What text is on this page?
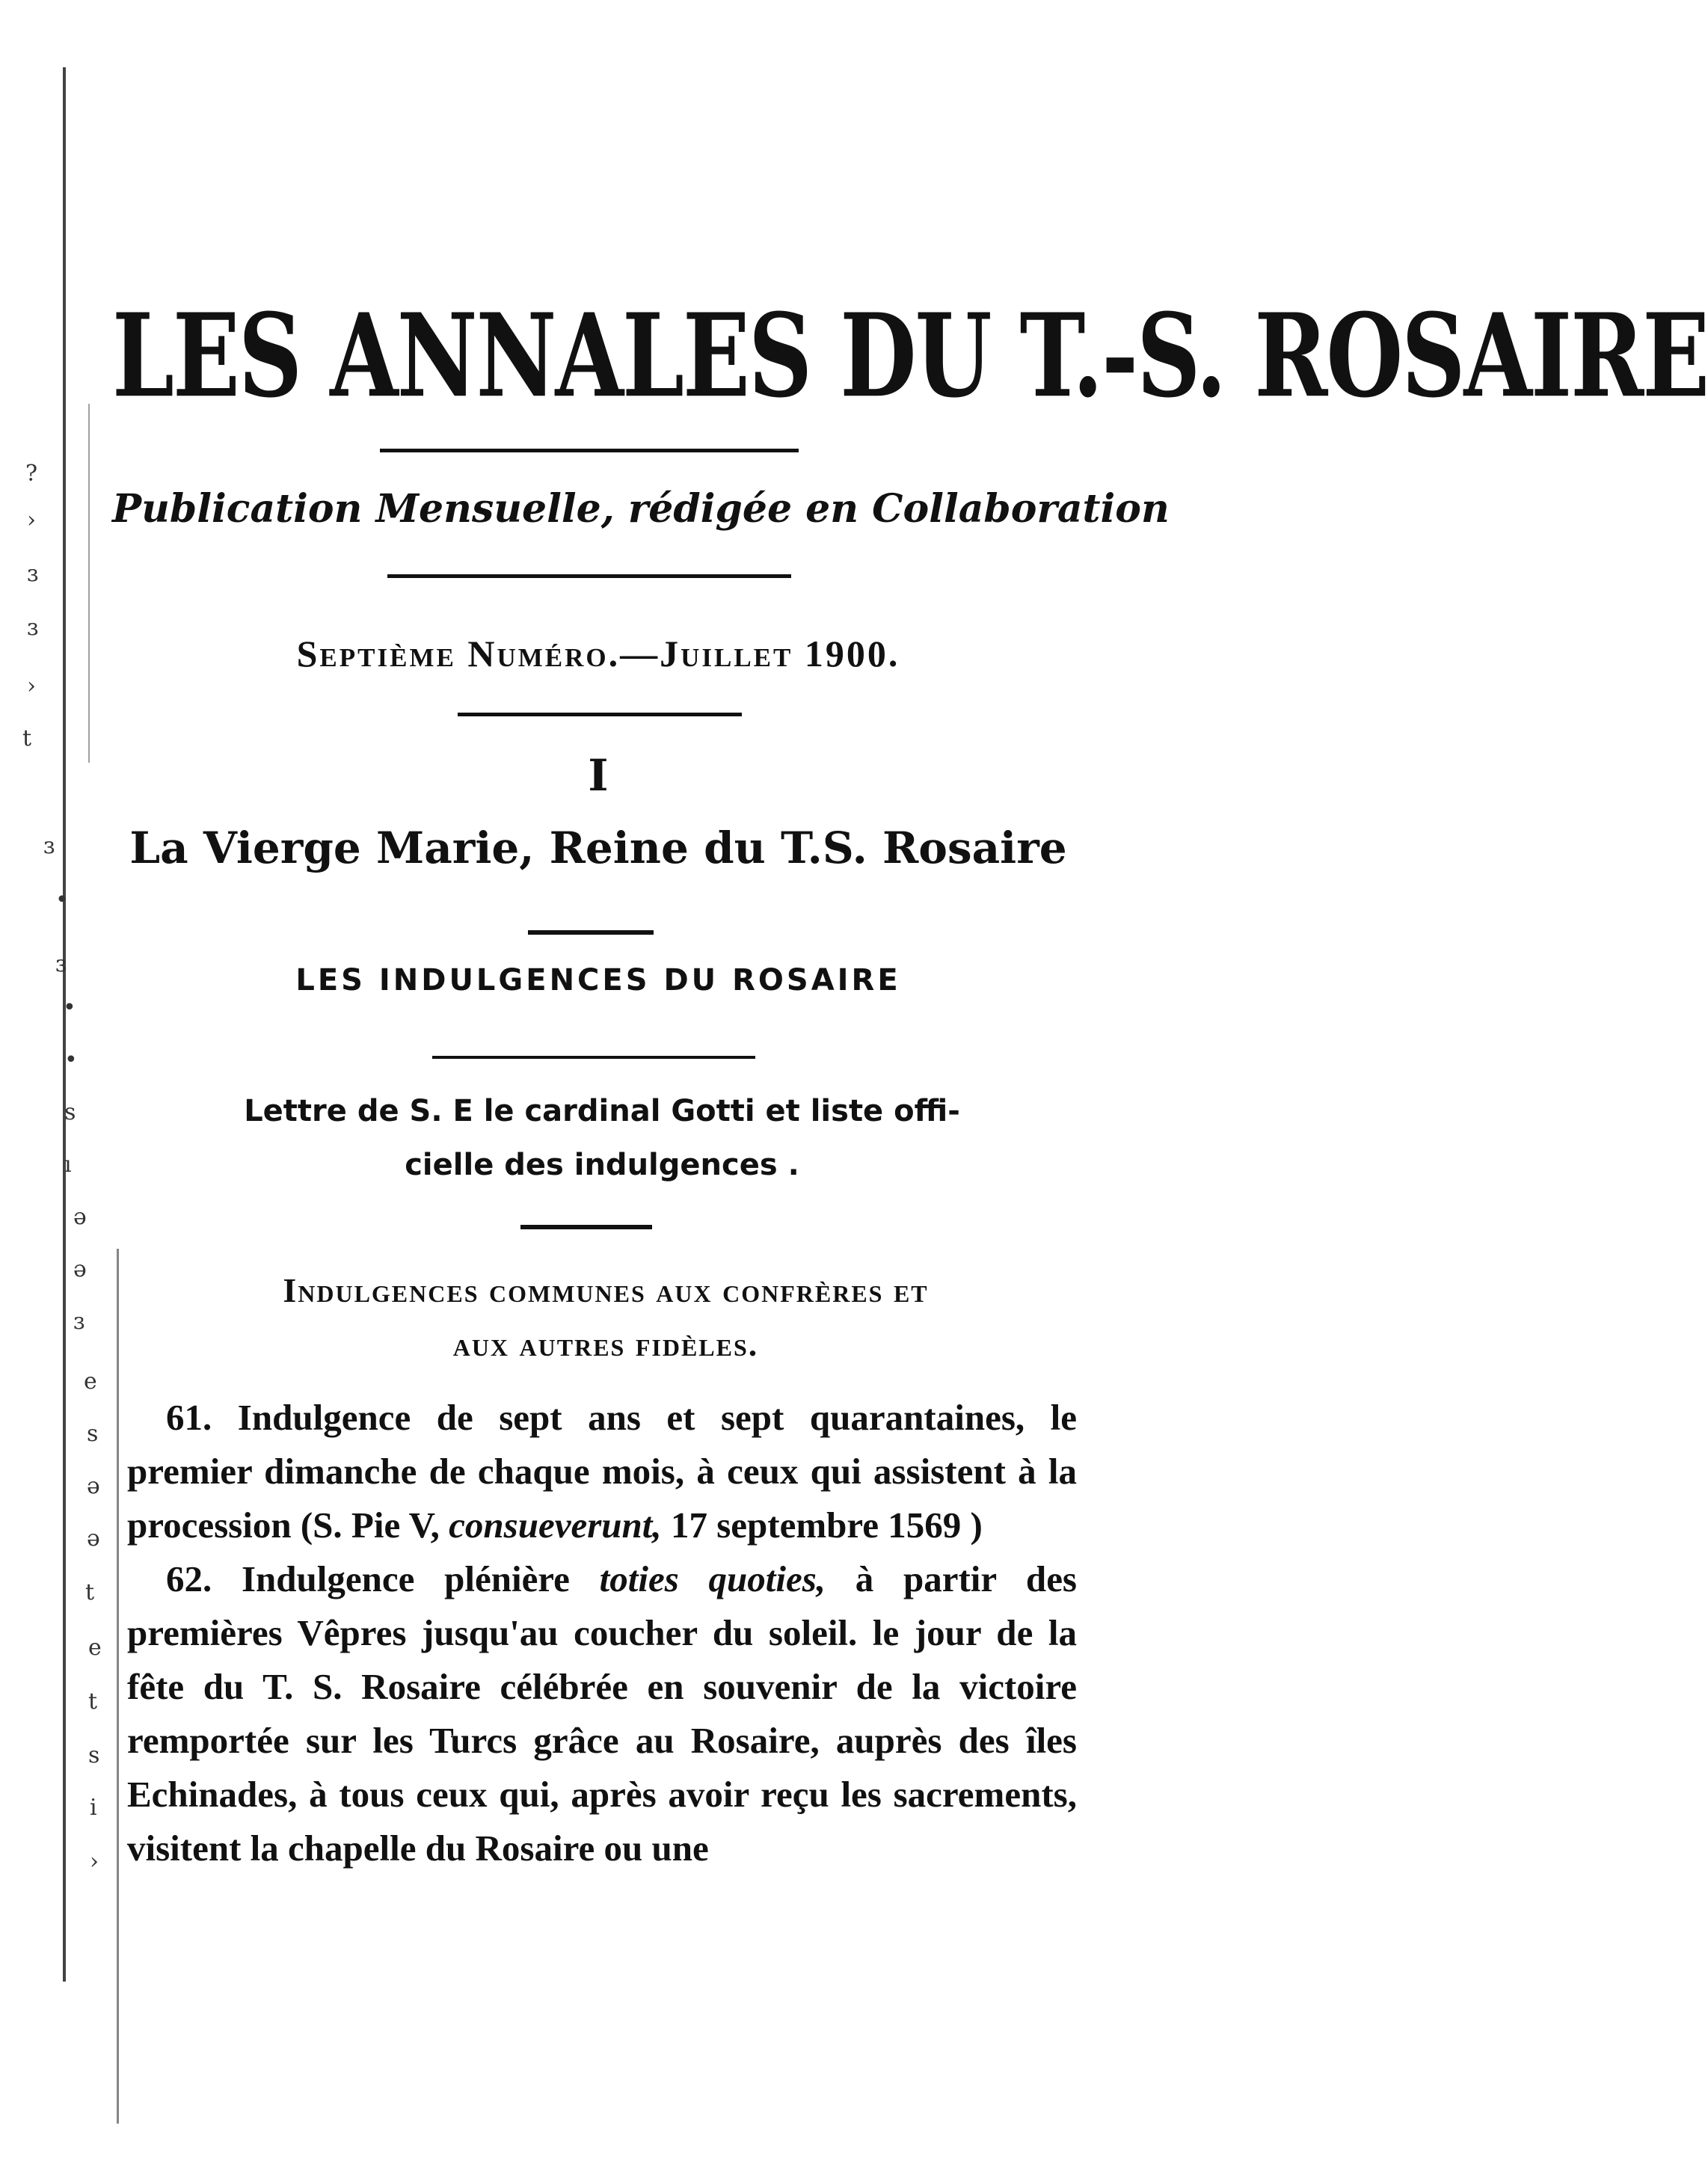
?
›
ɜ
ɜ
›
t
ɜ
•
ɜ
•
•
s
ı
ə
ə
ɜ
e
s
ə
ə
t
e
t
s
i
›
LES ANNALES DU T.-S. ROSAIRE
Publication Mensuelle, rédigée en Collaboration
Septième Numéro.—Juillet 1900.
I
La Vierge Marie, Reine du T.S. Rosaire
LES INDULGENCES DU ROSAIRE
Lettre de S. E le cardinal Gotti et liste offi-
cielle des indulgences .
Indulgences communes aux confrères et
aux autres fidèles.

61. Indulgence de sept ans et sept quarantaines, le premier dimanche de chaque mois, à ceux qui assistent à la procession (S. Pie V, consueverunt, 17 septembre 1569 )

62. Indulgence plénière toties quoties, à partir des premières Vêpres jusqu'au coucher du soleil. le jour de la fête du T. S. Rosaire célébrée en souvenir de la victoire remportée sur les Turcs grâce au Rosaire, auprès des îles Echinades, à tous ceux qui, après avoir reçu les sacrements, visitent la chapelle du Rosaire ou une
